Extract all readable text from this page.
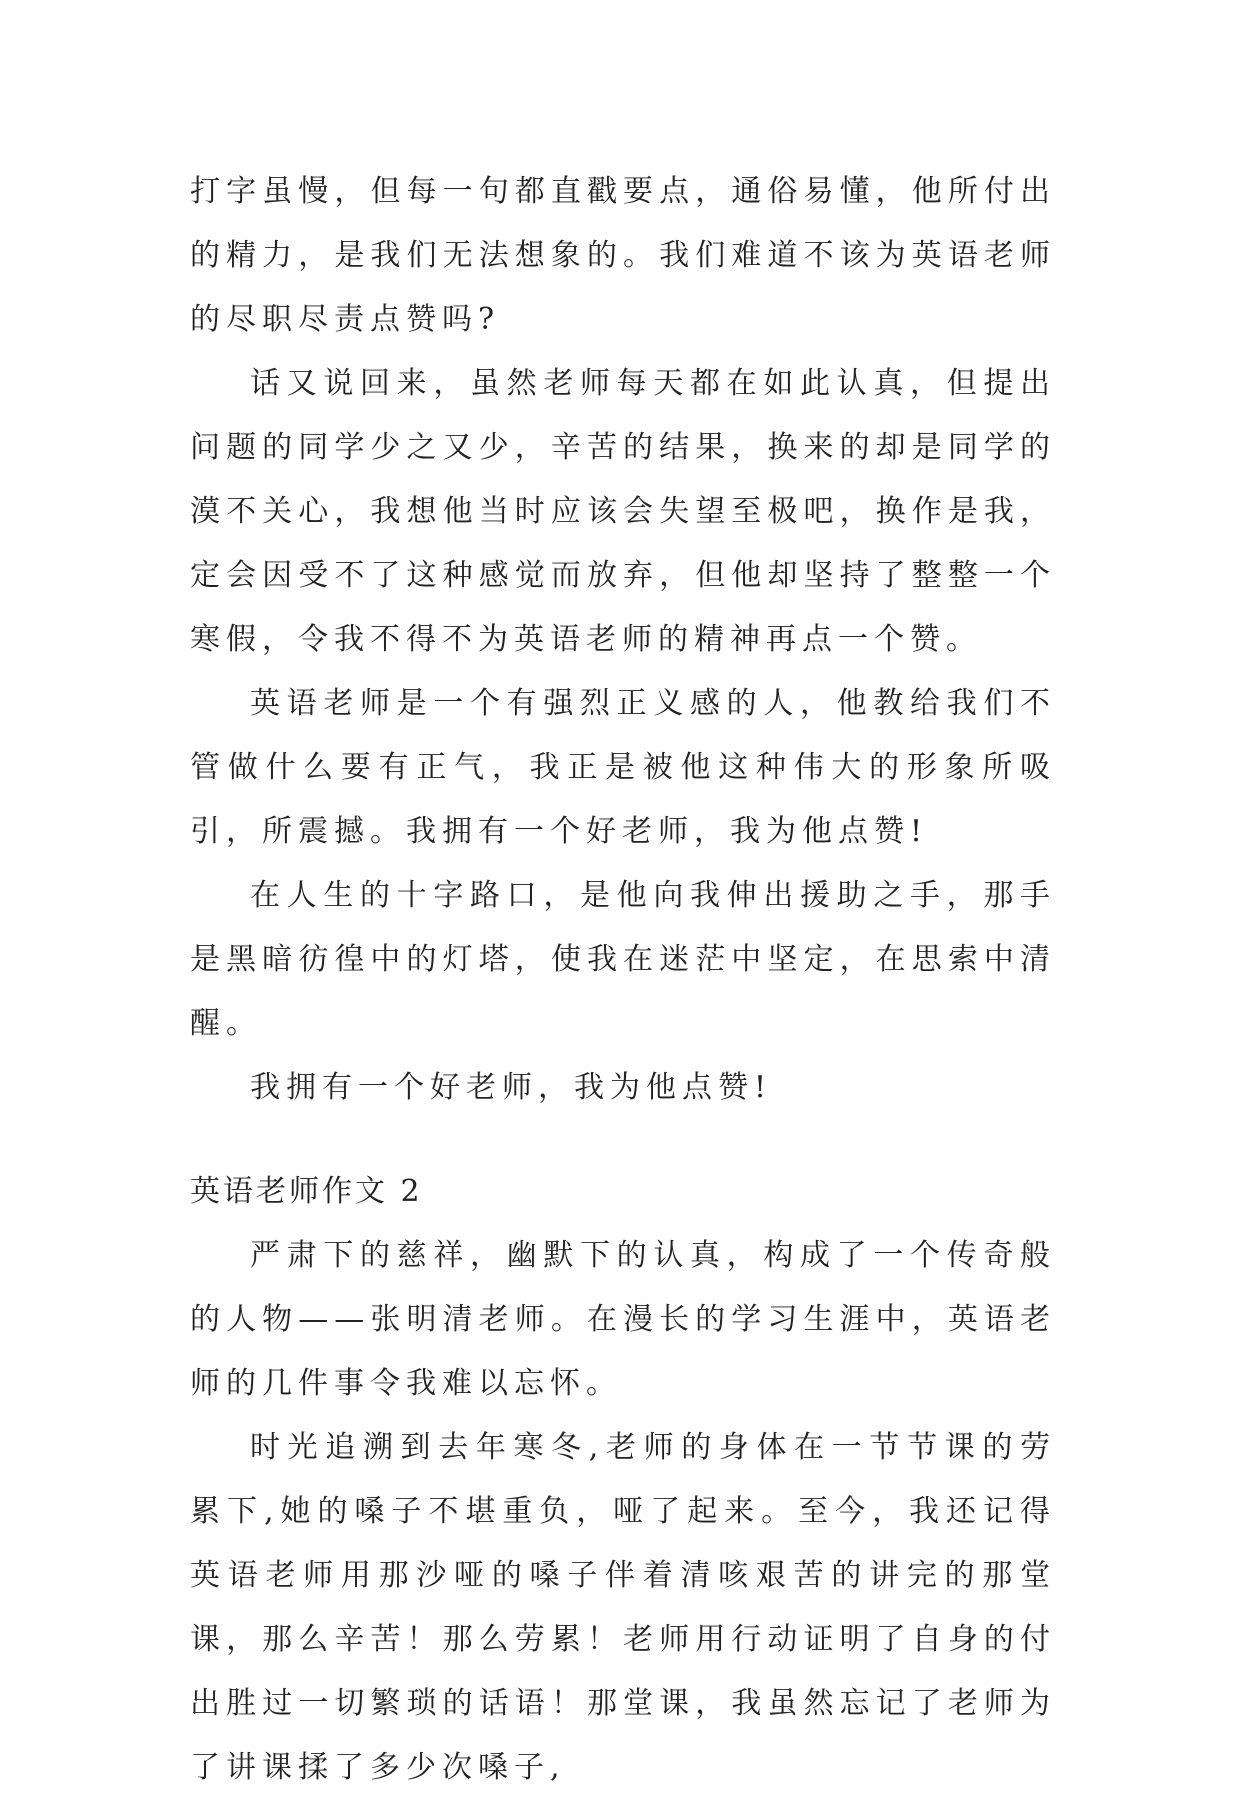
打字虽慢，但每一句都直戳要点，通俗易懂，他所付出的精力，是我们无法想象的。我们难道不该为英语老师的尽职尽责点赞吗?

话又说回来，虽然老师每天都在如此认真，但提出问题的同学少之又少，辛苦的结果，换来的却是同学的漠不关心，我想他当时应该会失望至极吧，换作是我，定会因受不了这种感觉而放弃，但他却坚持了整整一个寒假，令我不得不为英语老师的精神再点一个赞。

英语老师是一个有强烈正义感的人，他教给我们不管做什么要有正气，我正是被他这种伟大的形象所吸引，所震撼。我拥有一个好老师，我为他点赞!

在人生的十字路口，是他向我伸出援助之手，那手是黑暗彷徨中的灯塔，使我在迷茫中坚定，在思索中清醒。

我拥有一个好老师，我为他点赞!

英语老师作文 2

严肃下的慈祥，幽默下的认真，构成了一个传奇般的人物——张明清老师。在漫长的学习生涯中，英语老师的几件事令我难以忘怀。

时光追溯到去年寒冬,老师的身体在一节节课的劳累下,她的嗓子不堪重负，哑了起来。至今，我还记得英语老师用那沙哑的嗓子伴着清咳艰苦的讲完的那堂课，那么辛苦！那么劳累！老师用行动证明了自身的付出胜过一切繁琐的话语！那堂课，我虽然忘记了老师为了讲课揉了多少次嗓子,
